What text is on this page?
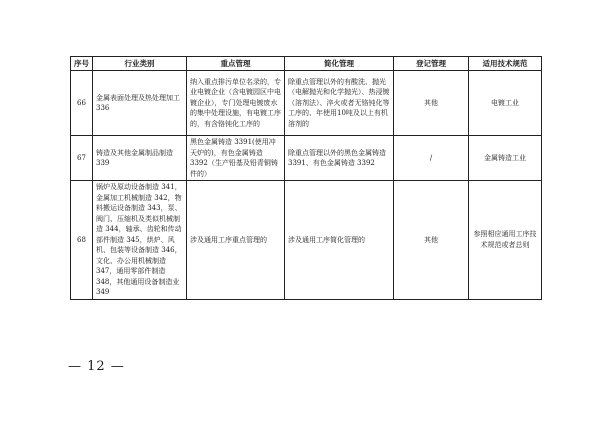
序号	行业类别	重点管理	简化管理	登记管理	适用技术规范
66	金属表面处理及热处理加工 336	纳入重点排污单位名录的，专业电镀企业（含电镀园区中电镀企业），专门处理电镀废水的集中处理设施，有电镀工序的，有含铬钝化工序的	除重点管理以外的有酸洗、抛光（电解抛光和化学抛光）、热浸镀（溶剂法）、淬火或者无铬钝化等工序的、年使用10吨及以上有机溶剂的	其他	电镀工业
67	铸造及其他金属制品制造 339	黑色金属铸造 3391(使用冲天炉的)，有色金属铸造 3392（生产铅基及铅青铜铸件的）	除重点管理以外的黑色金属铸造 3391、有色金属铸造 3392	/	金属铸造工业
68	锅炉及原动设备制造 341，金属加工机械制造 342，物料搬运设备制造 343，泵、阀门、压缩机及类似机械制造 344，轴承、齿轮和传动部件制造 345，烘炉、风机、包装等设备制造 346，文化、办公用机械制造 347，通用零部件制造 348，其他通用设备制造业 349	涉及通用工序重点管理的	涉及通用工序简化管理的	其他	参照相应通用工序技术规范或者总则
— 12 —
